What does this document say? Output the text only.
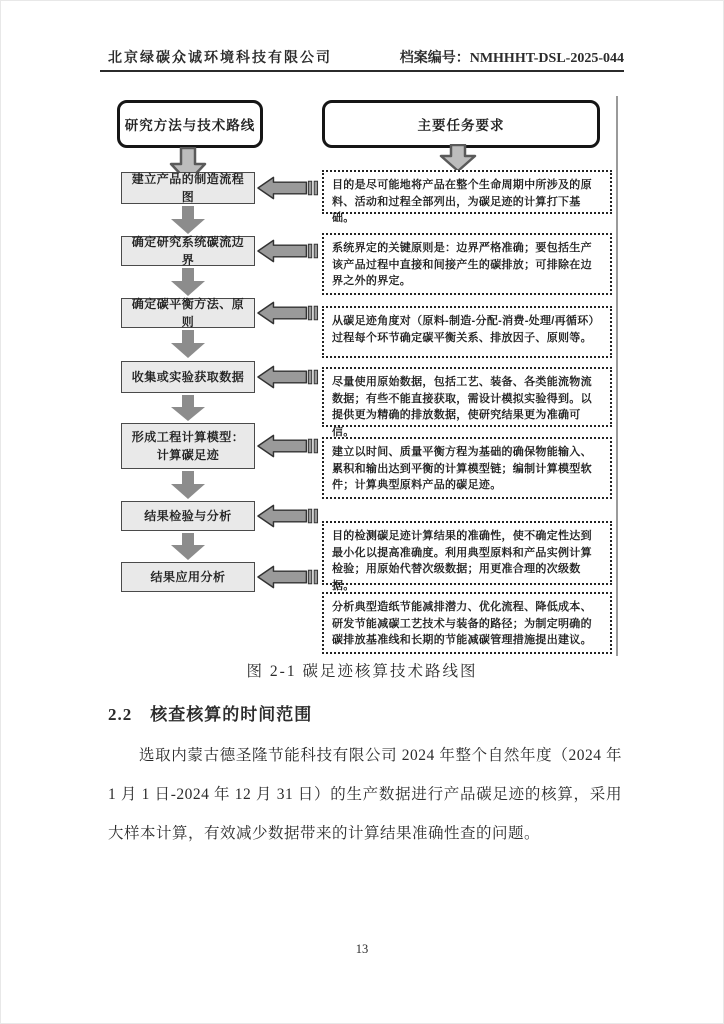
北京绿碳众诚环境科技有限公司	档案编号：NMHHHT-DSL-2025-044
研究方法与技术路线	主要任务要求
建立产品的制造流程图
确定研究系统碳流边界
确定碳平衡方法、原则
收集或实验获取数据
形成工程计算模型：计算碳足迹
结果检验与分析
结果应用分析
目的是尽可能地将产品在整个生命周期中所涉及的原料、活动和过程全部列出，为碳足迹的计算打下基础。
系统界定的关键原则是：边界严格准确；要包括生产该产品过程中直接和间接产生的碳排放；可排除在边界之外的界定。
从碳足迹角度对（原料-制造-分配-消费-处理/再循环）过程每个环节确定碳平衡关系、排放因子、原则等。
尽量使用原始数据，包括工艺、装备、各类能流物流数据；有些不能直接获取，需设计模拟实验得到。以提供更为精确的排放数据，使研究结果更为准确可信。
建立以时间、质量平衡方程为基础的确保物能输入、累积和输出达到平衡的计算模型链；编制计算模型软件；计算典型原料产品的碳足迹。
目的检测碳足迹计算结果的准确性，使不确定性达到最小化以提高准确度。利用典型原料和产品实例计算检验；用原始代替次级数据；用更准合理的次级数据。
分析典型造纸节能减排潜力、优化流程、降低成本、研发节能减碳工艺技术与装备的路径；为制定明确的碳排放基准线和长期的节能减碳管理措施提出建议。
图 2-1 碳足迹核算技术路线图
2.2 核查核算的时间范围
选取内蒙古德圣隆节能科技有限公司 2024 年整个自然年度（2024 年 1 月 1 日-2024 年 12 月 31 日）的生产数据进行产品碳足迹的核算，采用大样本计算，有效减少数据带来的计算结果准确性查的问题。
13
